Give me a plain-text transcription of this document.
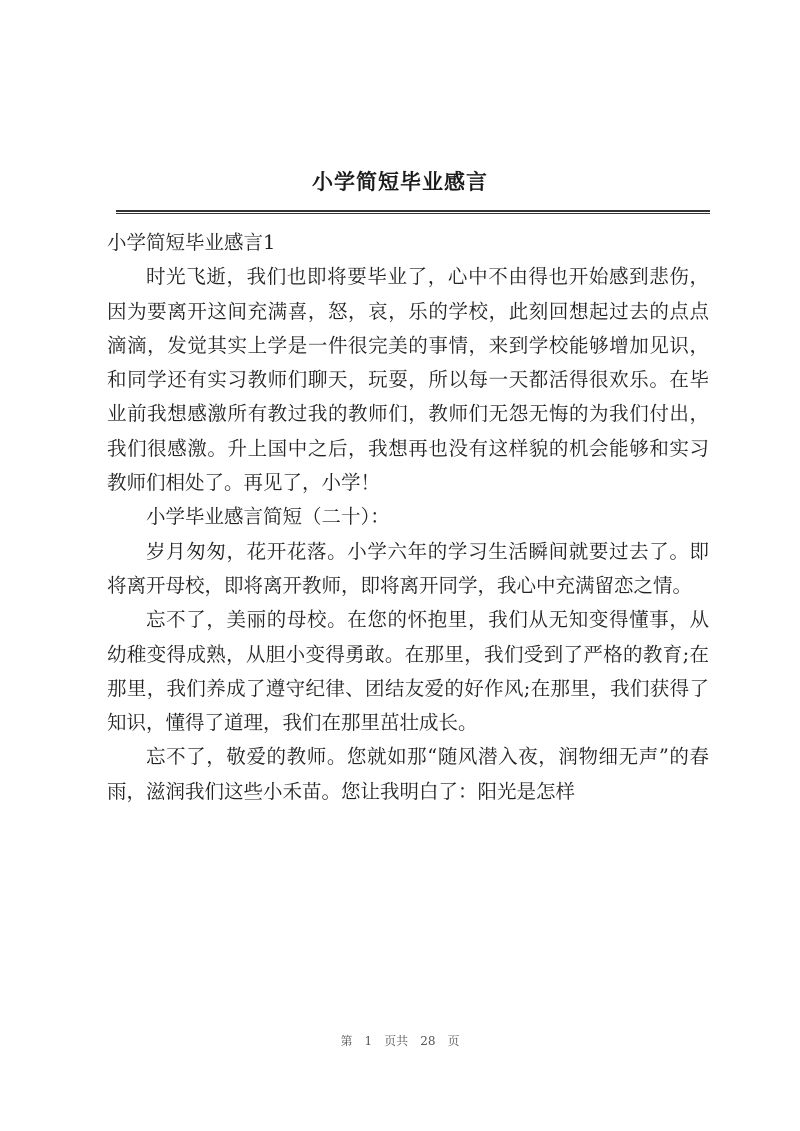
小学简短毕业感言

小学简短毕业感言1

时光飞逝，我们也即将要毕业了，心中不由得也开始感到悲伤，因为要离开这间充满喜，怒，哀，乐的学校，此刻回想起过去的点点滴滴，发觉其实上学是一件很完美的事情，来到学校能够增加见识，和同学还有实习教师们聊天，玩耍，所以每一天都活得很欢乐。在毕业前我想感激所有教过我的教师们，教师们无怨无悔的为我们付出，我们很感激。升上国中之后，我想再也没有这样貌的机会能够和实习教师们相处了。再见了，小学！

小学毕业感言简短（二十）：

岁月匆匆，花开花落。小学六年的学习生活瞬间就要过去了。即将离开母校，即将离开教师，即将离开同学，我心中充满留恋之情。

忘不了，美丽的母校。在您的怀抱里，我们从无知变得懂事，从幼稚变得成熟，从胆小变得勇敢。在那里，我们受到了严格的教育;在那里，我们养成了遵守纪律、团结友爱的好作风;在那里，我们获得了知识，懂得了道理，我们在那里茁壮成长。

忘不了，敬爱的教师。您就如那“随风潜入夜，润物细无声”的春雨，滋润我们这些小禾苗。您让我明白了：阳光是怎样

第 1 页共 28 页
